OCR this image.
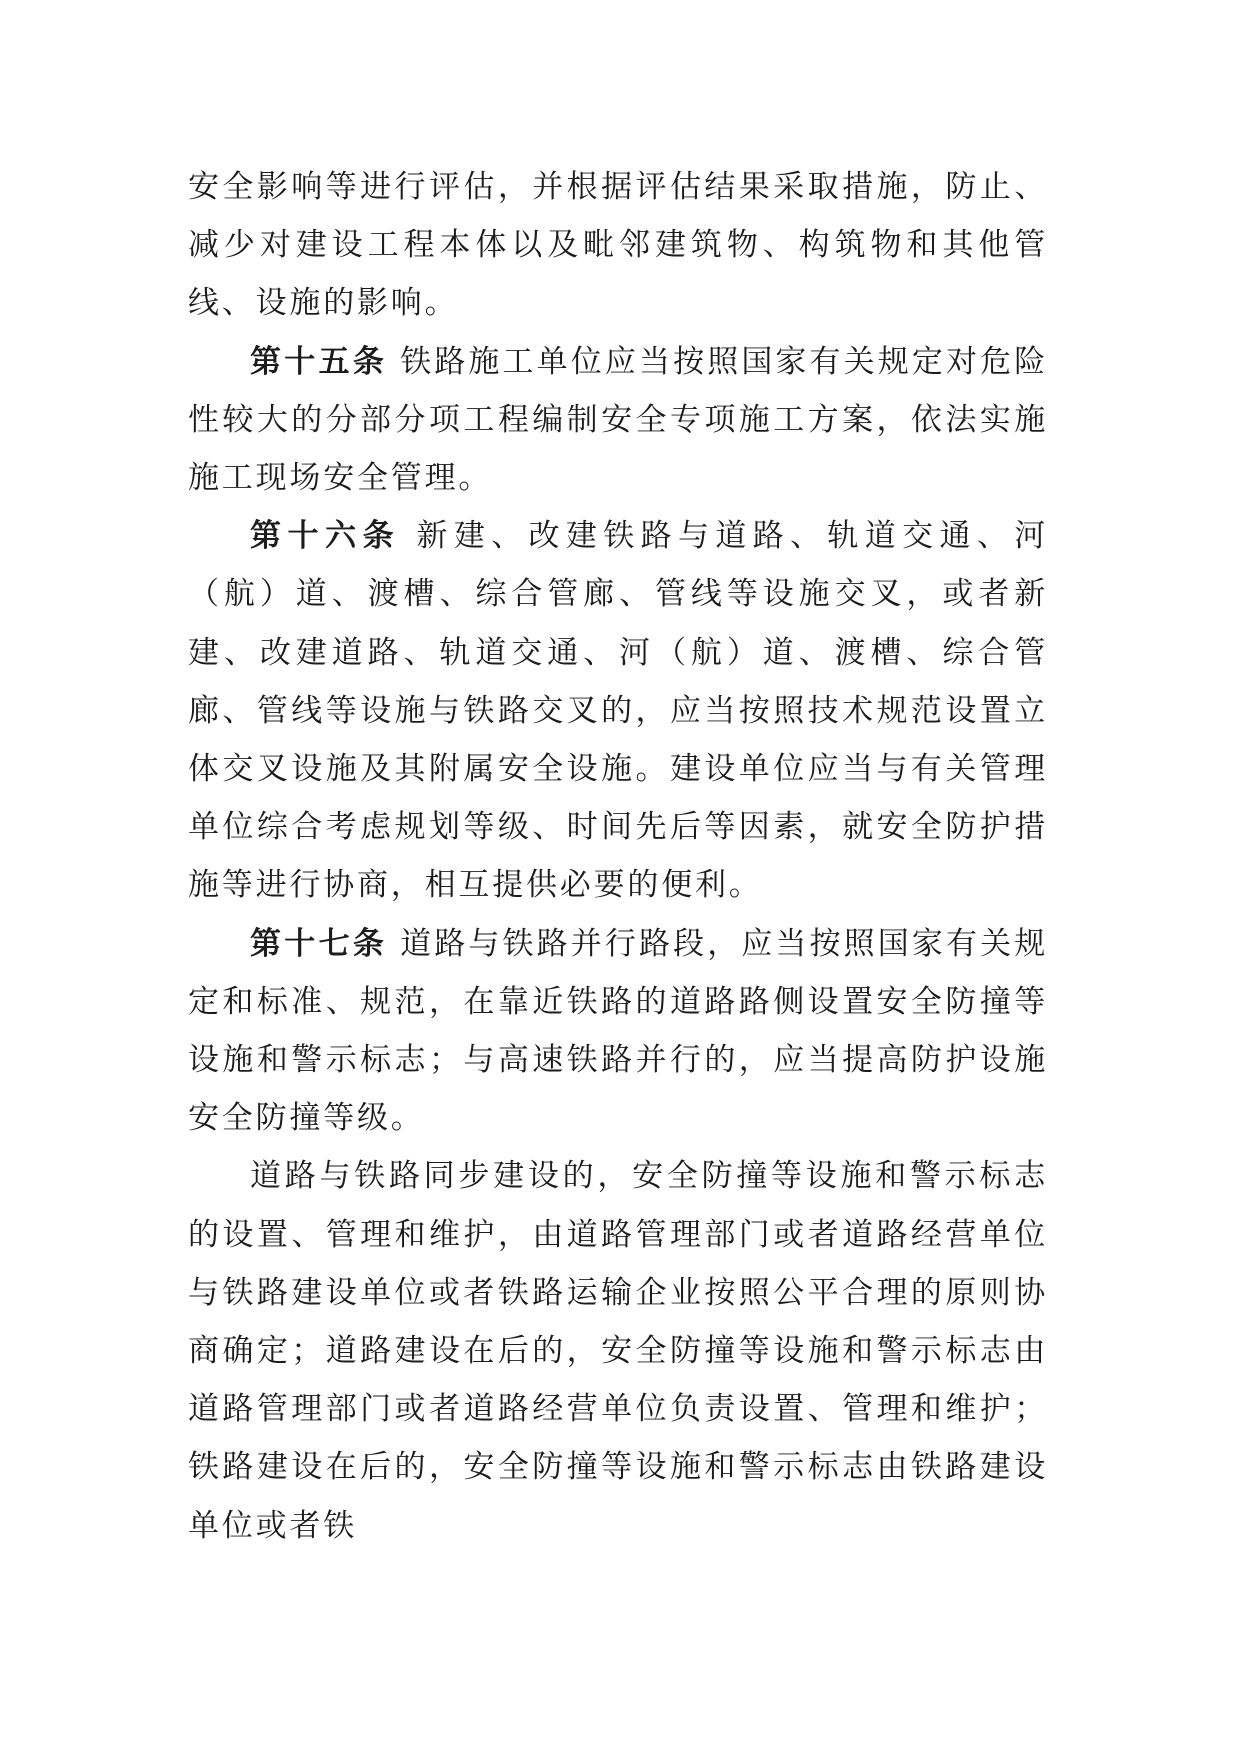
安全影响等进行评估，并根据评估结果采取措施，防止、减少对建设工程本体以及毗邻建筑物、构筑物和其他管线、设施的影响。

第十五条 铁路施工单位应当按照国家有关规定对危险性较大的分部分项工程编制安全专项施工方案，依法实施施工现场安全管理。

第十六条 新建、改建铁路与道路、轨道交通、河（航）道、渡槽、综合管廊、管线等设施交叉，或者新建、改建道路、轨道交通、河（航）道、渡槽、综合管廊、管线等设施与铁路交叉的，应当按照技术规范设置立体交叉设施及其附属安全设施。建设单位应当与有关管理单位综合考虑规划等级、时间先后等因素，就安全防护措施等进行协商，相互提供必要的便利。

第十七条 道路与铁路并行路段，应当按照国家有关规定和标准、规范，在靠近铁路的道路路侧设置安全防撞等设施和警示标志；与高速铁路并行的，应当提高防护设施安全防撞等级。

道路与铁路同步建设的，安全防撞等设施和警示标志的设置、管理和维护，由道路管理部门或者道路经营单位与铁路建设单位或者铁路运输企业按照公平合理的原则协商确定；道路建设在后的，安全防撞等设施和警示标志由道路管理部门或者道路经营单位负责设置、管理和维护；铁路建设在后的，安全防撞等设施和警示标志由铁路建设单位或者铁
